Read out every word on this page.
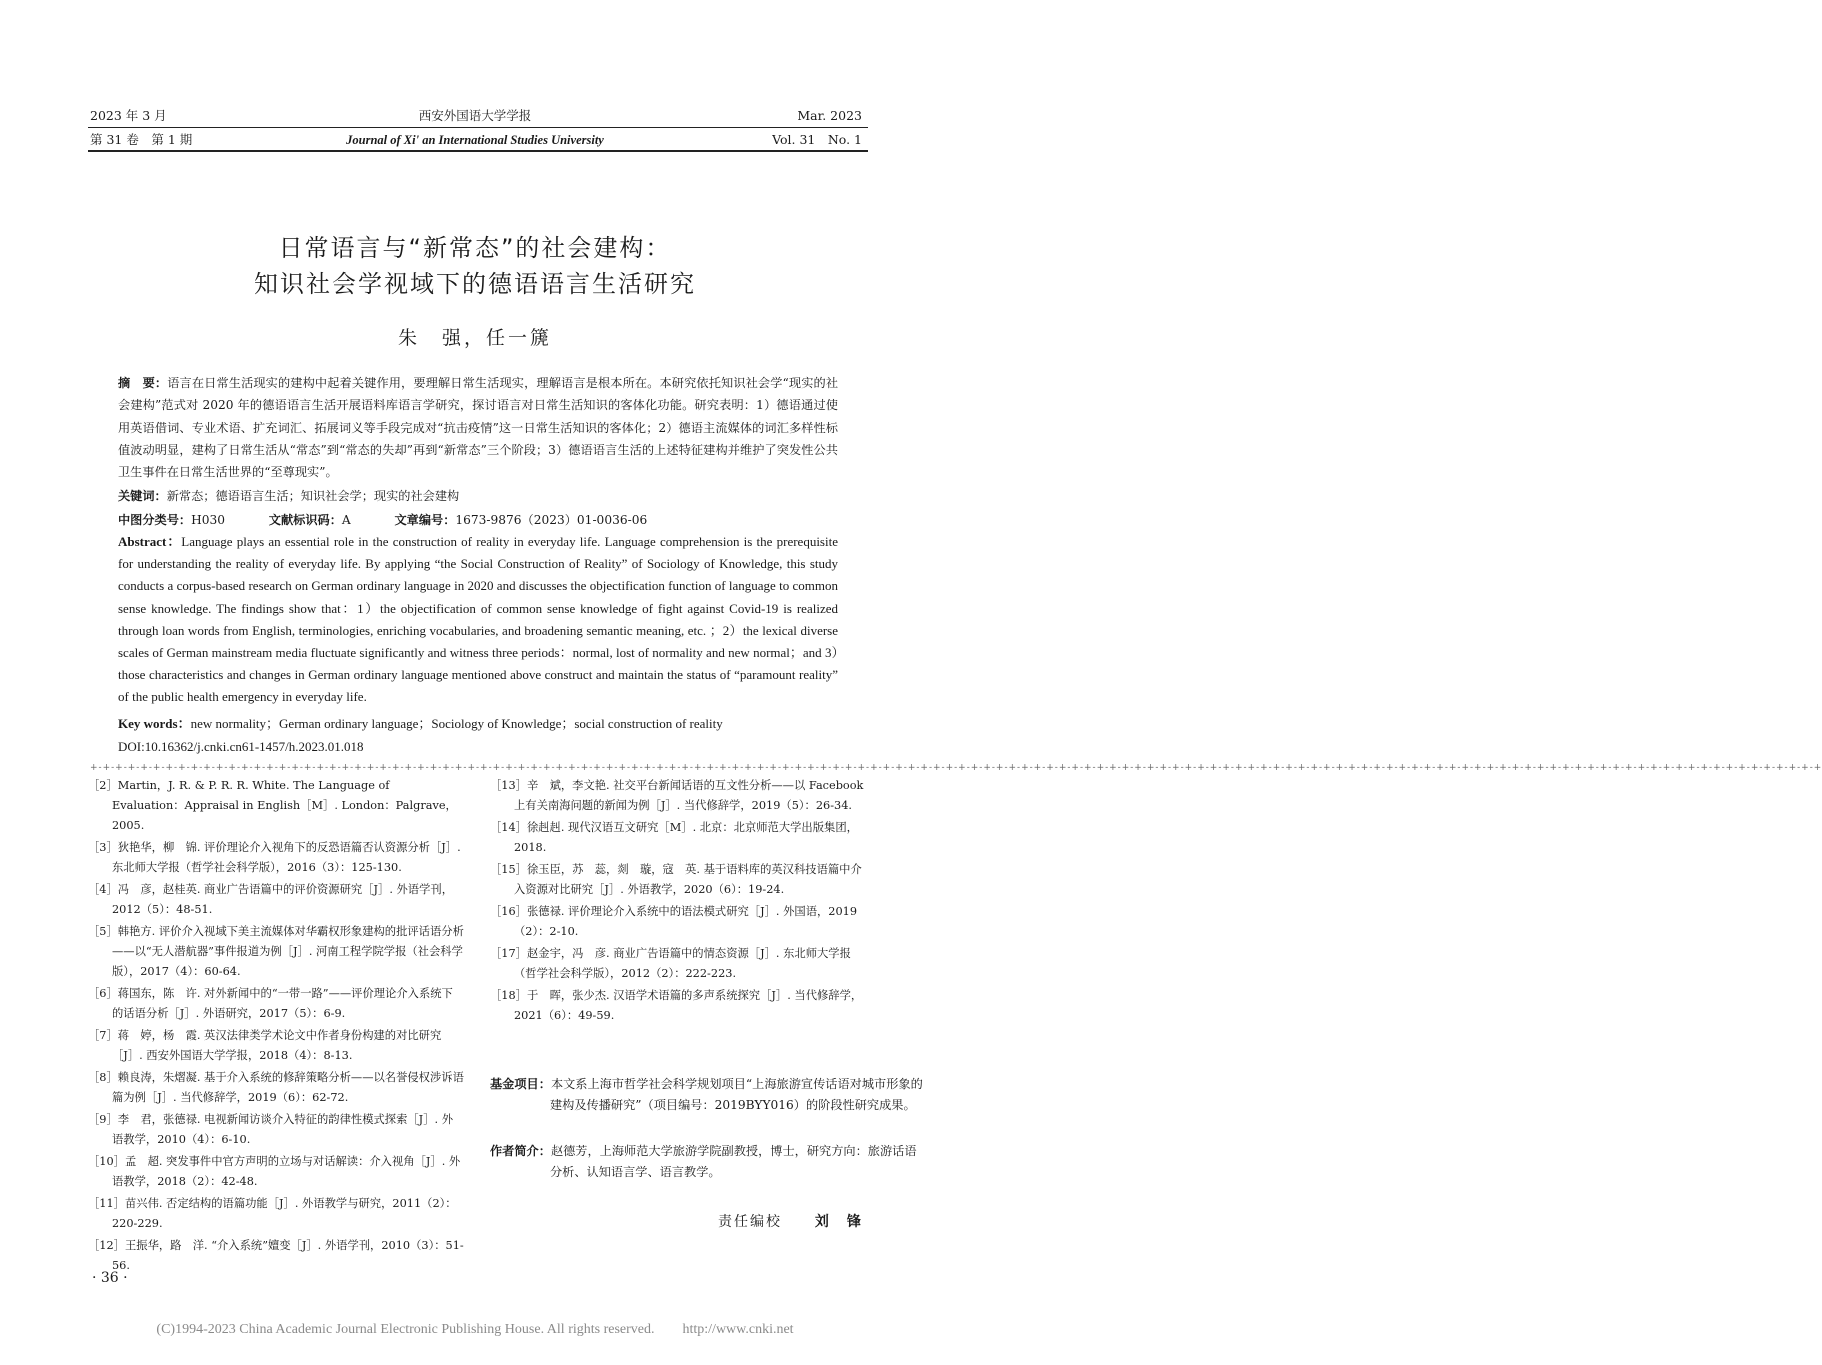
2023 年 3 月	西安外国语大学学报	Mar. 2023
第 31 卷　第 1 期	Journal of Xi' an International Studies University	Vol. 31　No. 1
日常语言与“新常态”的社会建构：
知识社会学视域下的德语语言生活研究
朱　强，任一篪
摘　要：语言在日常生活现实的建构中起着关键作用，要理解日常生活现实，理解语言是根本所在。本研究依托知识社会学“现实的社会建构”范式对 2020 年的德语语言生活开展语料库语言学研究，探讨语言对日常生活知识的客体化功能。研究表明：1）德语通过使用英语借词、专业术语、扩充词汇、拓展词义等手段完成对“抗击疫情”这一日常生活知识的客体化；2）德语主流媒体的词汇多样性标值波动明显，建构了日常生活从“常态”到“常态的失却”再到“新常态”三个阶段；3）德语语言生活的上述特征建构并维护了突发性公共卫生事件在日常生活世界的“至尊现实”。
关键词：新常态；德语语言生活；知识社会学；现实的社会建构
中图分类号：H030	文献标识码：A	文章编号：1673-9876（2023）01-0036-06
Abstract：Language plays an essential role in the construction of reality in everyday life. Language comprehension is the prerequisite for understanding the reality of everyday life. By applying “the Social Construction of Reality” of Sociology of Knowledge, this study conducts a corpus-based research on German ordinary language in 2020 and discusses the objectification function of language to common sense knowledge. The findings show that：1）the objectification of common sense knowledge of fight against Covid-19 is realized through loan words from English, terminologies, enriching vocabularies, and broadening semantic meaning, etc. ；2）the lexical diverse scales of German mainstream media fluctuate significantly and witness three periods：normal, lost of normality and new normal；and 3）those characteristics and changes in German ordinary language mentioned above construct and maintain the status of “paramount reality” of the public health emergency in everyday life.
Key words：new normality；German ordinary language；Sociology of Knowledge；social construction of reality
DOI:10.16362/j.cnki.cn61-1457/h.2023.01.018
+-+-+-+-+-+-+-+-+-+-+-+-+-+-+-+-+-+-+-+-+-+-+-+-+-+-+-+-+-+-+-+-+-+-+-+-+-+-+-+-+-+-+-+-+-+-+-+-+-+-+-+-+-+-+-+-+-+-+-+-+-+-+-+-+-+-+-+-+-+-+-+-+-+-+-+-+-+-+-+-+-+-+-+-+-+-+-+-+-+-+-+-+-+-+-+-+-+-+-+-+-+-+-+-+-+-+-+-+-+-+-+-+-+-+-+-+-+-+-+-+-+-+-+-+-+-+-+-+-+-+-+-+-+-+-+-+-+
［2］Martin，J. R. & P. R. R. White. The Language of Evaluation：Appraisal in English［M］. London：Palgrave，2005.
［3］狄艳华，柳　锦. 评价理论介入视角下的反恐语篇否认资源分析［J］. 东北师大学报（哲学社会科学版），2016（3）：125-130.
［4］冯　彦，赵桂英. 商业广告语篇中的评价资源研究［J］. 外语学刊，2012（5）：48-51.
［5］韩艳方. 评价介入视域下美主流媒体对华霸权形象建构的批评话语分析——以“无人潜航器”事件报道为例［J］. 河南工程学院学报（社会科学版），2017（4）：60-64.
［6］蒋国东，陈　许. 对外新闻中的“一带一路”——评价理论介入系统下的话语分析［J］. 外语研究，2017（5）：6-9.
［7］蒋　婷，杨　霞. 英汉法律类学术论文中作者身份构建的对比研究［J］. 西安外国语大学学报，2018（4）：8-13.
［8］赖良涛，朱熠凝. 基于介入系统的修辞策略分析——以名誉侵权涉诉语篇为例［J］. 当代修辞学，2019（6）：62-72.
［9］李　君，张德禄. 电视新闻访谈介入特征的韵律性模式探索［J］. 外语教学，2010（4）：6-10.
［10］孟　超. 突发事件中官方声明的立场与对话解读：介入视角［J］. 外语教学，2018（2）：42-48.
［11］苗兴伟. 否定结构的语篇功能［J］. 外语教学与研究，2011（2）：220-229.
［12］王振华，路　洋. “介入系统”嬗变［J］. 外语学刊，2010（3）：51-56.
［13］辛　斌，李文艳. 社交平台新闻话语的互文性分析——以 Facebook 上有关南海问题的新闻为例［J］. 当代修辞学，2019（5）：26-34.
［14］徐赳赳. 现代汉语互文研究［M］. 北京：北京师范大学出版集团，2018.
［15］徐玉臣，苏　蕊，剡　璇，寇　英. 基于语料库的英汉科技语篇中介入资源对比研究［J］. 外语教学，2020（6）：19-24.
［16］张德禄. 评价理论介入系统中的语法模式研究［J］. 外国语，2019（2）：2-10.
［17］赵金宇，冯　彦. 商业广告语篇中的情态资源［J］. 东北师大学报（哲学社会科学版），2012（2）：222-223.
［18］于　晖，张少杰. 汉语学术语篇的多声系统探究［J］. 当代修辞学，2021（6）：49-59.
基金项目：本文系上海市哲学社会科学规划项目“上海旅游宣传话语对城市形象的建构及传播研究”（项目编号：2019BYY016）的阶段性研究成果。
作者简介：赵德芳，上海师范大学旅游学院副教授，博士，研究方向：旅游话语分析、认知语言学、语言教学。
责任编校 刘　锋
· 36 ·
(C)1994-2023 China Academic Journal Electronic Publishing House. All rights reserved.　　http://www.cnki.net
